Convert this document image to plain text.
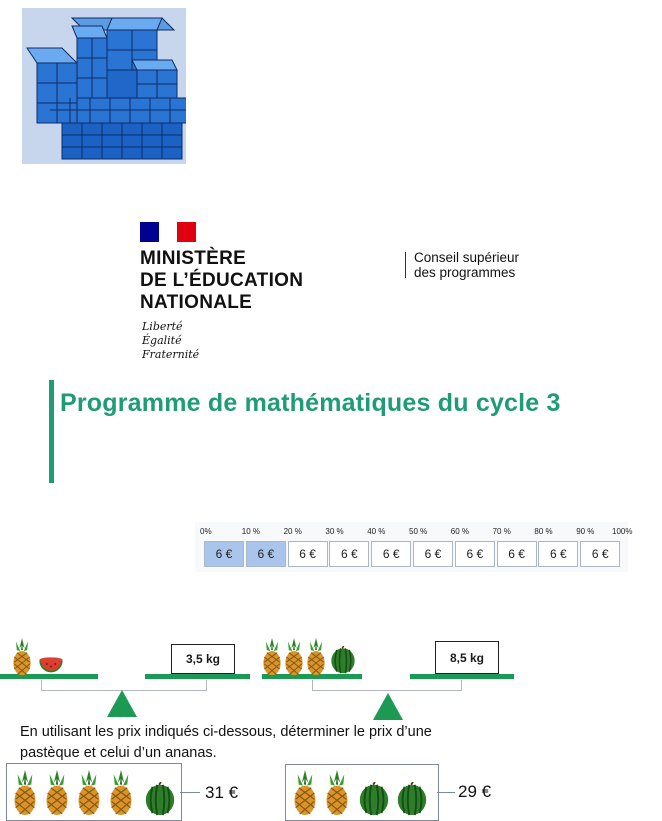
MINISTÈRE
DE L’ÉDUCATION
NATIONALE
Liberté
Égalité
Fraternité
Conseil supérieur
des programmes
Programme de mathématiques du cycle 3
0%	10 %	20 %	30 %	40 %	50 %	60 %	70 %	80 %	90 % 100%
6 €	6 €	6 €	6 €	6 €	6 €	6 €	6 €	6 €	6 €
3,5 kg	8,5 kg
En utilisant les prix indiqués ci-dessous, déterminer le prix d’une pastèque et celui d’un ananas.
31 €	29 €
